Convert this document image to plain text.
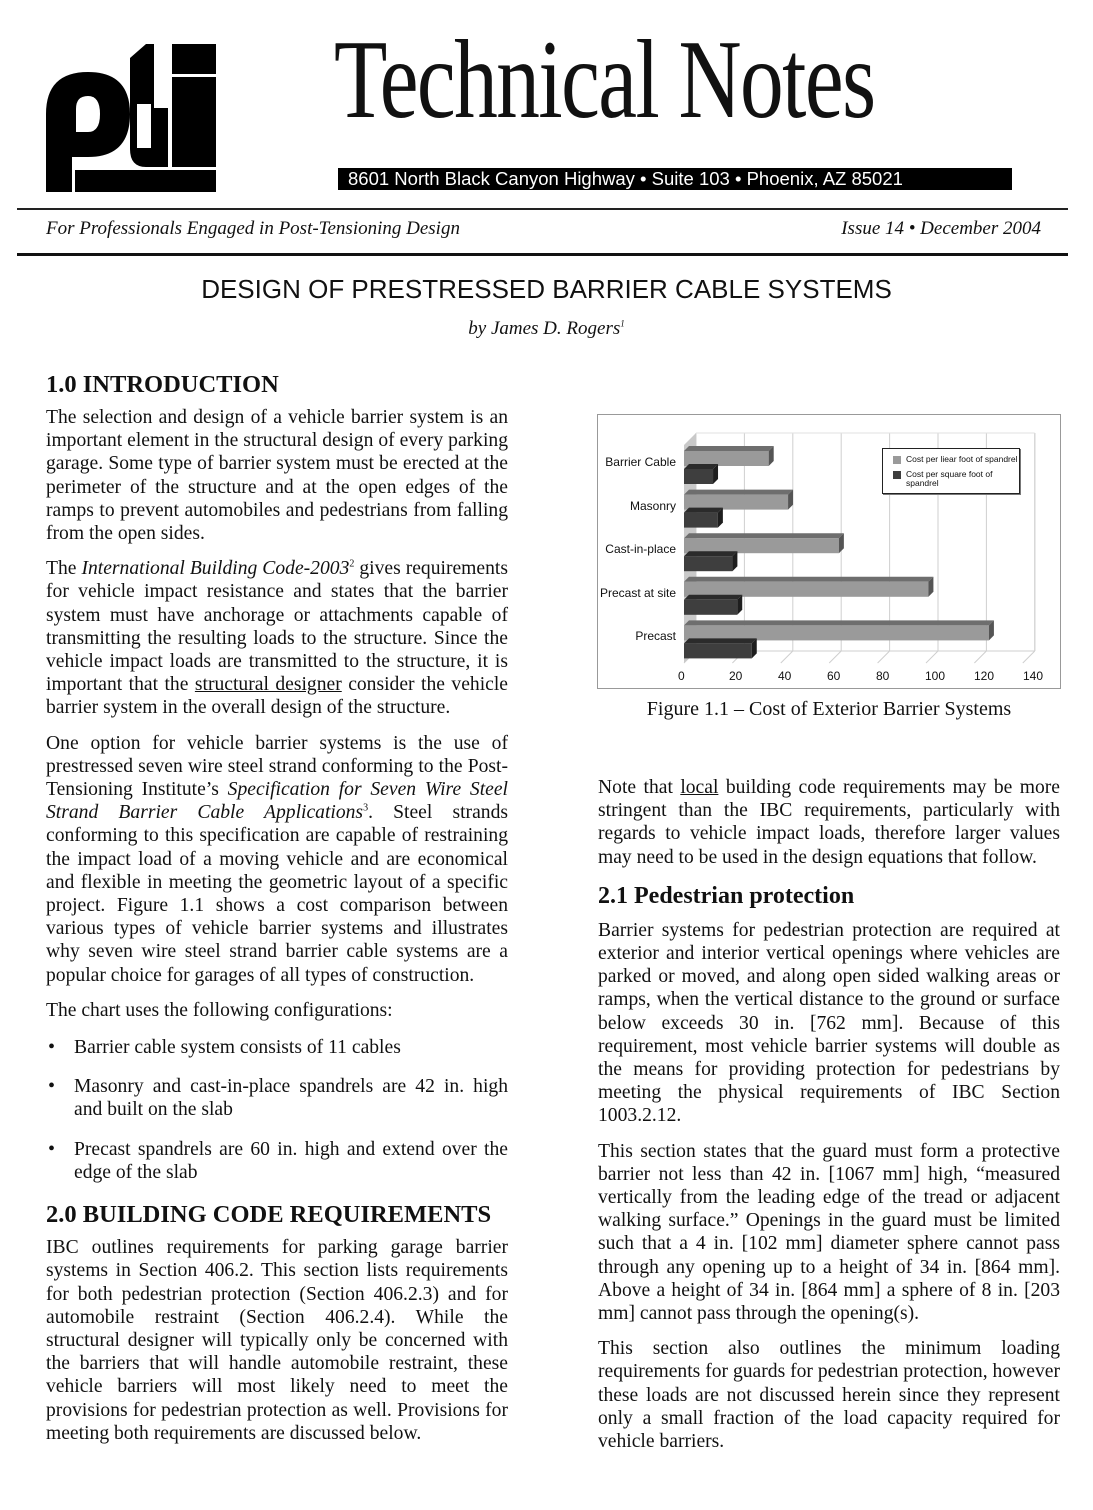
Technical Notes
8601 North Black Canyon Highway • Suite 103 • Phoenix, AZ 85021
For Professionals Engaged in Post-Tensioning Design	Issue 14 • December 2004
DESIGN OF PRESTRESSED BARRIER CABLE SYSTEMS
by James D. Rogers$^1$
1.0 INTRODUCTION

The selection and design of a vehicle barrier system is an important element in the structural design of every parking garage. Some type of barrier system must be erected at the perimeter of the structure and at the open edges of the ramps to prevent automobiles and pedestrians from falling from the open sides.

The International Building Code-2003$^2$ gives requirements for vehicle impact resistance and states that the barrier system must have anchorage or attachments capable of transmitting the resulting loads to the structure. Since the vehicle impact loads are transmitted to the structure, it is important that the structural designer consider the vehicle barrier system in the overall design of the structure.

One option for vehicle barrier systems is the use of prestressed seven wire steel strand conforming to the Post-Tensioning Institute’s Specification for Seven Wire Steel Strand Barrier Cable Applications$^3$. Steel strands conforming to this specification are capable of restraining the impact load of a moving vehicle and are economical and flexible in meeting the geometric layout of a specific project. Figure 1.1 shows a cost comparison between various types of vehicle barrier systems and illustrates why seven wire steel strand barrier cable systems are a popular choice for garages of all types of construction.

The chart uses the following configurations:

• Barrier cable system consists of 11 cables
• Masonry and cast-in-place spandrels are 42 in. high and built on the slab
• Precast spandrels are 60 in. high and extend over the edge of the slab
2.0 BUILDING CODE REQUIREMENTS

IBC outlines requirements for parking garage barrier systems in Section 406.2. This section lists requirements for both pedestrian protection (Section 406.2.3) and for automobile restraint (Section 406.2.4). While the structural designer will typically only be concerned with the barriers that will handle automobile restraint, these vehicle barriers will most likely need to meet the provisions for pedestrian protection as well. Provisions for meeting both requirements are discussed below.

Barrier Cable
Masonry
Cast-in-place
Precast at site
Precast
0	20	40	60	80	100 120 140
Cost per liear foot of spandrel
Cost per square foot of spandrel
Figure 1.1 – Cost of Exterior Barrier Systems

Note that local building code requirements may be more stringent than the IBC requirements, particularly with regards to vehicle impact loads, therefore larger values may need to be used in the design equations that follow.

2.1 Pedestrian protection

Barrier systems for pedestrian protection are required at exterior and interior vertical openings where vehicles are parked or moved, and along open sided walking areas or ramps, when the vertical distance to the ground or surface below exceeds 30 in. [762 mm]. Because of this requirement, most vehicle barrier systems will double as the means for providing protection for pedestrians by meeting the physical requirements of IBC Section 1003.2.12.

This section states that the guard must form a protective barrier not less than 42 in. [1067 mm] high, “measured vertically from the leading edge of the tread or adjacent walking surface.” Openings in the guard must be limited such that a 4 in. [102 mm] diameter sphere cannot pass through any opening up to a height of 34 in. [864 mm]. Above a height of 34 in. [864 mm] a sphere of 8 in. [203 mm] cannot pass through the opening(s).

This section also outlines the minimum loading requirements for guards for pedestrian protection, however these loads are not discussed herein since they represent only a small fraction of the load capacity required for vehicle barriers.
